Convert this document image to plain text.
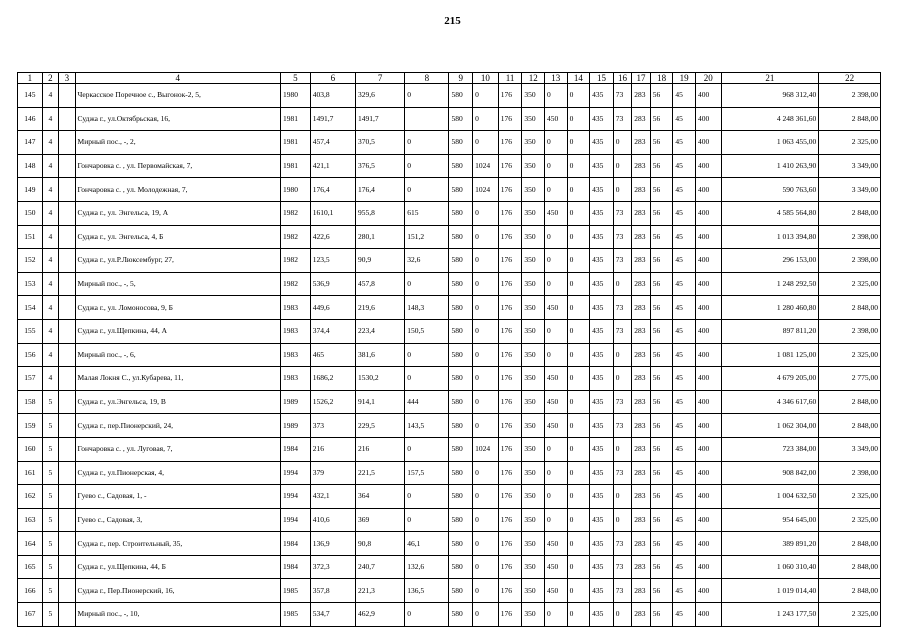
215
1	2	3	4	5	6	7	8	9	10	11	12	13	14	15	16	17	18	19	20	21	22
145	4		Черкасское Поречное с., Выгонок-2, 5,	1980	403,8	329,6	0	580	0	176	350	0	0	435	73	283	56	45	400	968 312,40	2 398,00
146	4		Суджа г., ул.Октябрьская, 16,	1981	1491,7	1491,7		580	0	176	350	450	0	435	73	283	56	45	400	4 248 361,60	2 848,00
147	4		Мирный пос., -, 2,	1981	457,4	370,5	0	580	0	176	350	0	0	435	0	283	56	45	400	1 063 455,00	2 325,00
148	4		Гончаровка с. , ул. Первомайская, 7,	1981	421,1	376,5	0	580	1024	176	350	0	0	435	0	283	56	45	400	1 410 263,90	3 349,00
149	4		Гончаровка с. , ул. Молодежная, 7,	1980	176,4	176,4	0	580	1024	176	350	0	0	435	0	283	56	45	400	590 763,60	3 349,00
150	4		Суджа г., ул. Энгельса, 19, А	1982	1610,1	955,8	615	580	0	176	350	450	0	435	73	283	56	45	400	4 585 564,80	2 848,00
151	4		Суджа г., ул. Энгельса, 4, Б	1982	422,6	280,1	151,2	580	0	176	350	0	0	435	73	283	56	45	400	1 013 394,80	2 398,00
152	4		Суджа г., ул.Р.Люксембург, 27,	1982	123,5	90,9	32,6	580	0	176	350	0	0	435	73	283	56	45	400	296 153,00	2 398,00
153	4		Мирный пос., -, 5,	1982	536,9	457,8	0	580	0	176	350	0	0	435	0	283	56	45	400	1 248 292,50	2 325,00
154	4		Суджа г., ул. Ломоносова, 9, Б	1983	449,6	219,6	148,3	580	0	176	350	450	0	435	73	283	56	45	400	1 280 460,80	2 848,00
155	4		Суджа г., ул.Щепкина, 44, А	1983	374,4	223,4	150,5	580	0	176	350	0	0	435	73	283	56	45	400	897 811,20	2 398,00
156	4		Мирный пос., -, 6,	1983	465	381,6	0	580	0	176	350	0	0	435	0	283	56	45	400	1 081 125,00	2 325,00
157	4		Малая Локня С., ул.Кубарева, 11,	1983	1686,2	1530,2	0	580	0	176	350	450	0	435	0	283	56	45	400	4 679 205,00	2 775,00
158	5		Суджа г., ул.Энгельса, 19, В	1989	1526,2	914,1	444	580	0	176	350	450	0	435	73	283	56	45	400	4 346 617,60	2 848,00
159	5		Суджа г., пер.Пионерский, 24,	1989	373	229,5	143,5	580	0	176	350	450	0	435	73	283	56	45	400	1 062 304,00	2 848,00
160	5		Гончаровка с. , ул. Луговая, 7,	1984	216	216	0	580	1024	176	350	0	0	435	0	283	56	45	400	723 384,00	3 349,00
161	5		Суджа г., ул.Пионерская, 4,	1994	379	221,5	157,5	580	0	176	350	0	0	435	73	283	56	45	400	908 842,00	2 398,00
162	5		Гуево с., Садовая, 1, -	1994	432,1	364	0	580	0	176	350	0	0	435	0	283	56	45	400	1 004 632,50	2 325,00
163	5		Гуево с., Садовая, 3,	1994	410,6	369	0	580	0	176	350	0	0	435	0	283	56	45	400	954 645,00	2 325,00
164	5		Суджа г., пер. Строительный, 35,	1984	136,9	90,8	46,1	580	0	176	350	450	0	435	73	283	56	45	400	389 891,20	2 848,00
165	5		Суджа г., ул.Щепкина, 44, Б	1984	372,3	240,7	132,6	580	0	176	350	450	0	435	73	283	56	45	400	1 060 310,40	2 848,00
166	5		Суджа г., Пер.Пионерский, 16,	1985	357,8	221,3	136,5	580	0	176	350	450	0	435	73	283	56	45	400	1 019 014,40	2 848,00
167	5		Мирный пос., -, 10,	1985	534,7	462,9	0	580	0	176	350	0	0	435	0	283	56	45	400	1 243 177,50	2 325,00
